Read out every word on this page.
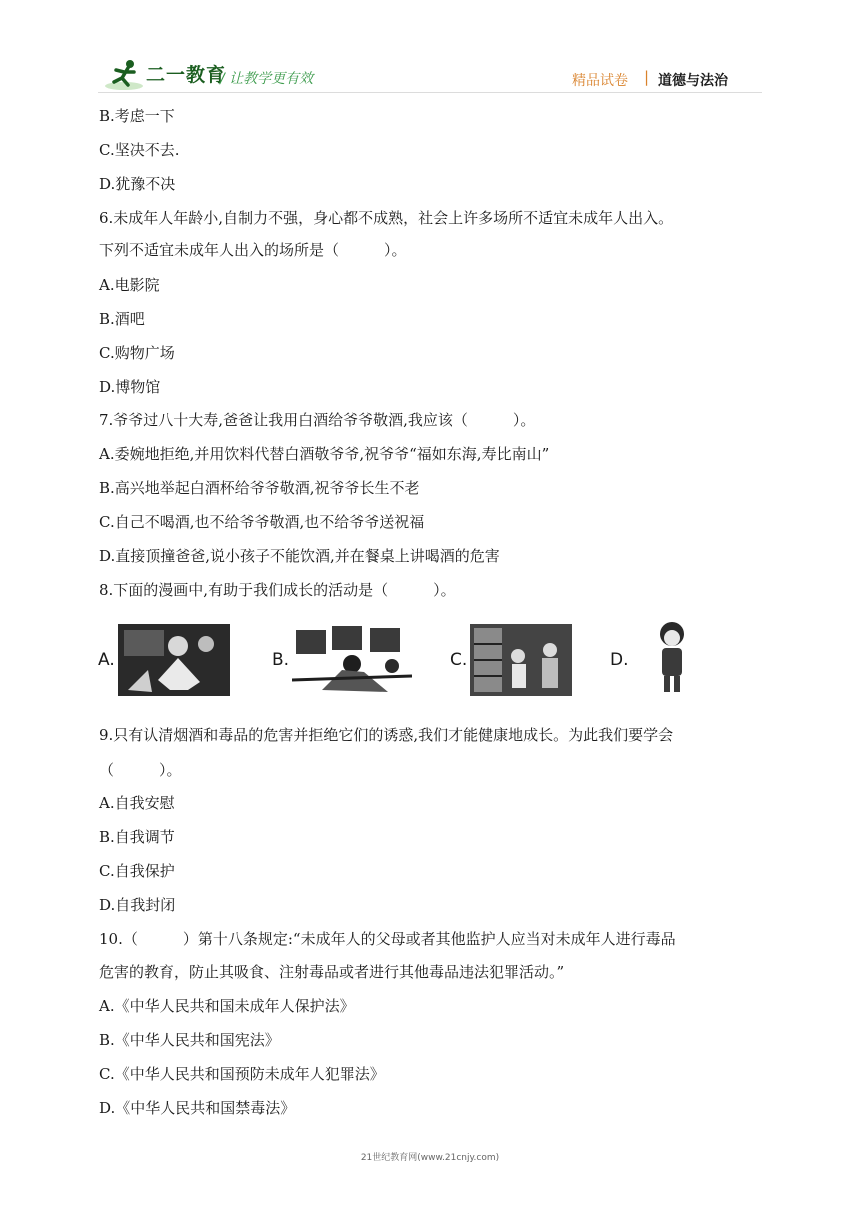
二一教育
/ 让教学更有效	精品试卷 | 道德与法治
B.考虑一下
C.坚决不去.
D.犹豫不决
6.未成年人年龄小,自制力不强，身心都不成熟，社会上许多场所不适宜未成年人出入。
下列不适宜未成年人出入的场所是（　　　）。
A.电影院
B.酒吧
C.购物广场
D.博物馆
7.爷爷过八十大寿,爸爸让我用白酒给爷爷敬酒,我应该（　　　）。
A.委婉地拒绝,并用饮料代替白酒敬爷爷,祝爷爷“福如东海,寿比南山”
B.高兴地举起白酒杯给爷爷敬酒,祝爷爷长生不老
C.自己不喝酒,也不给爷爷敬酒,也不给爷爷送祝福
D.直接顶撞爸爸,说小孩子不能饮酒,并在餐桌上讲喝酒的危害
8.下面的漫画中,有助于我们成长的活动是（　　　）。
A.	B.	C.	D.
9.只有认清烟酒和毒品的危害并拒绝它们的诱惑,我们才能健康地成长。为此我们要学会
（　　　）。
A.自我安慰
B.自我调节
C.自我保护
D.自我封闭
10.（　　　）第十八条规定:“未成年人的父母或者其他监护人应当对未成年人进行毒品
危害的教育，防止其吸食、注射毒品或者进行其他毒品违法犯罪活动。”
A.《中华人民共和国未成年人保护法》
B.《中华人民共和国宪法》
C.《中华人民共和国预防未成年人犯罪法》
D.《中华人民共和国禁毒法》
21世纪教育网(www.21cnjy.com)
